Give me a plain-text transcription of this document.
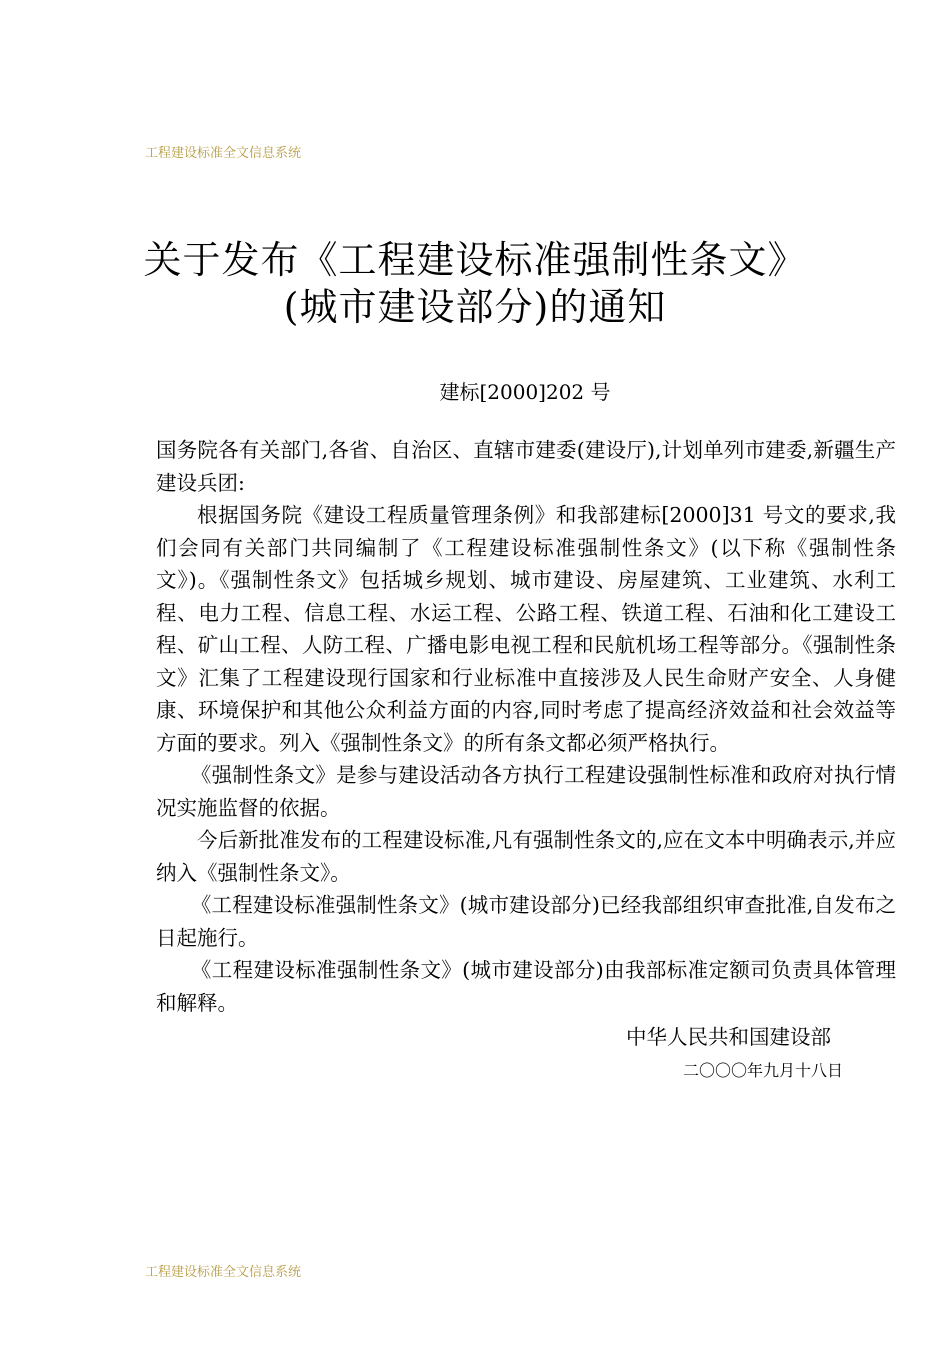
工程建设标准全文信息系统
关于发布《工程建设标准强制性条文》
(城市建设部分)的通知
建标[2000]202 号

国务院各有关部门,各省、自治区、直辖市建委(建设厅),计划单列市建委,新疆生产建设兵团:

根据国务院《建设工程质量管理条例》和我部建标[2000]31 号文的要求,我们会同有关部门共同编制了《工程建设标准强制性条文》(以下称《强制性条文》)。《强制性条文》包括城乡规划、城市建设、房屋建筑、工业建筑、水利工程、电力工程、信息工程、水运工程、公路工程、铁道工程、石油和化工建设工程、矿山工程、人防工程、广播电影电视工程和民航机场工程等部分。《强制性条文》汇集了工程建设现行国家和行业标准中直接涉及人民生命财产安全、人身健康、环境保护和其他公众利益方面的内容,同时考虑了提高经济效益和社会效益等方面的要求。列入《强制性条文》的所有条文都必须严格执行。

《强制性条文》是参与建设活动各方执行工程建设强制性标准和政府对执行情况实施监督的依据。

今后新批准发布的工程建设标准,凡有强制性条文的,应在文本中明确表示,并应纳入《强制性条文》。

《工程建设标准强制性条文》(城市建设部分)已经我部组织审查批准,自发布之日起施行。

《工程建设标准强制性条文》(城市建设部分)由我部标准定额司负责具体管理和解释。

中华人民共和国建设部
二〇〇〇年九月十八日
工程建设标准全文信息系统
